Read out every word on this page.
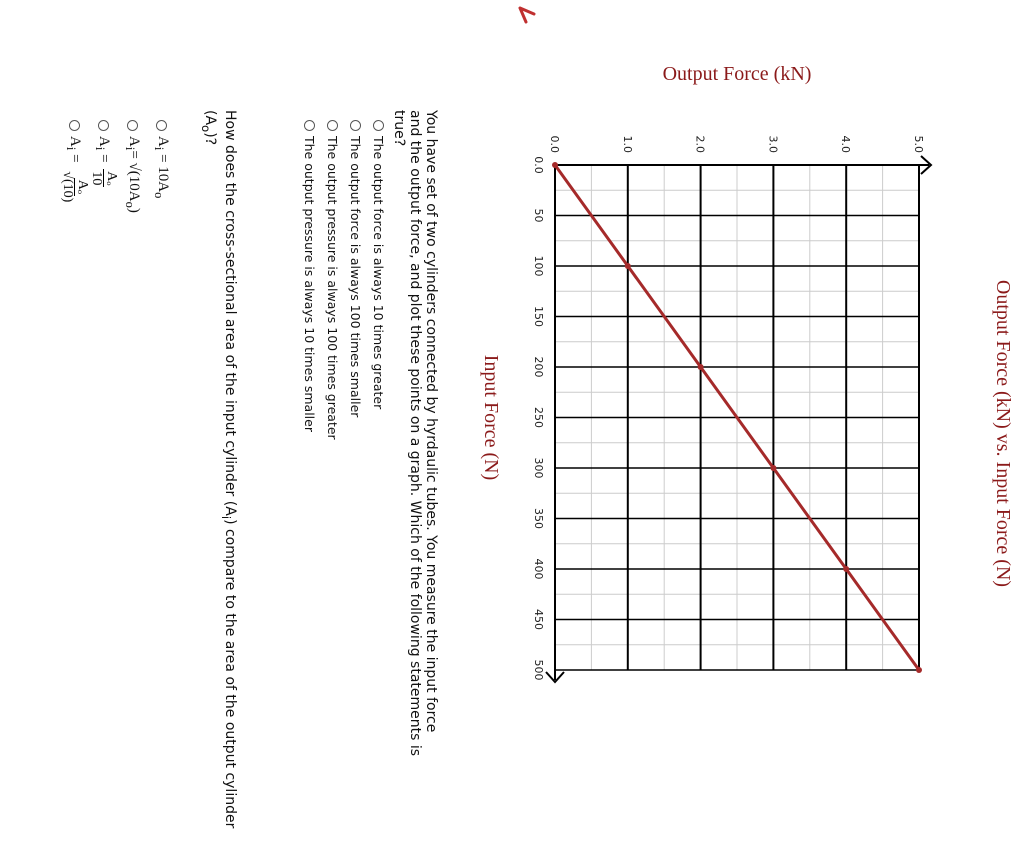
Output Force (kN) vs. Input Force (N)
0.0
50
100
150
200
250
300
350
400
450
500
0.0	1.0	2.0	3.0	4.0	5.0
Input Force (N)
Output Force (kN)
You have set of two cylinders connected by hyrdaulic tubes. You measure the input force and the output force, and plot these points on a graph. Which of the following statements is true?
The output force is always 10 times greater
The output force is always 100 times smaller
The output pressure is always 100 times greater
The output pressure is always 10 times smaller
How does the cross-sectional area of the input cylinder $(A_i)$ compare to the area of the output cylinder $(A_o)$?
$A_i = 10A_o$
$A_i= √(10A_o)$
$A_i$ =
Aₒ
10
$A_i$ =
Aₒ
√(10)
